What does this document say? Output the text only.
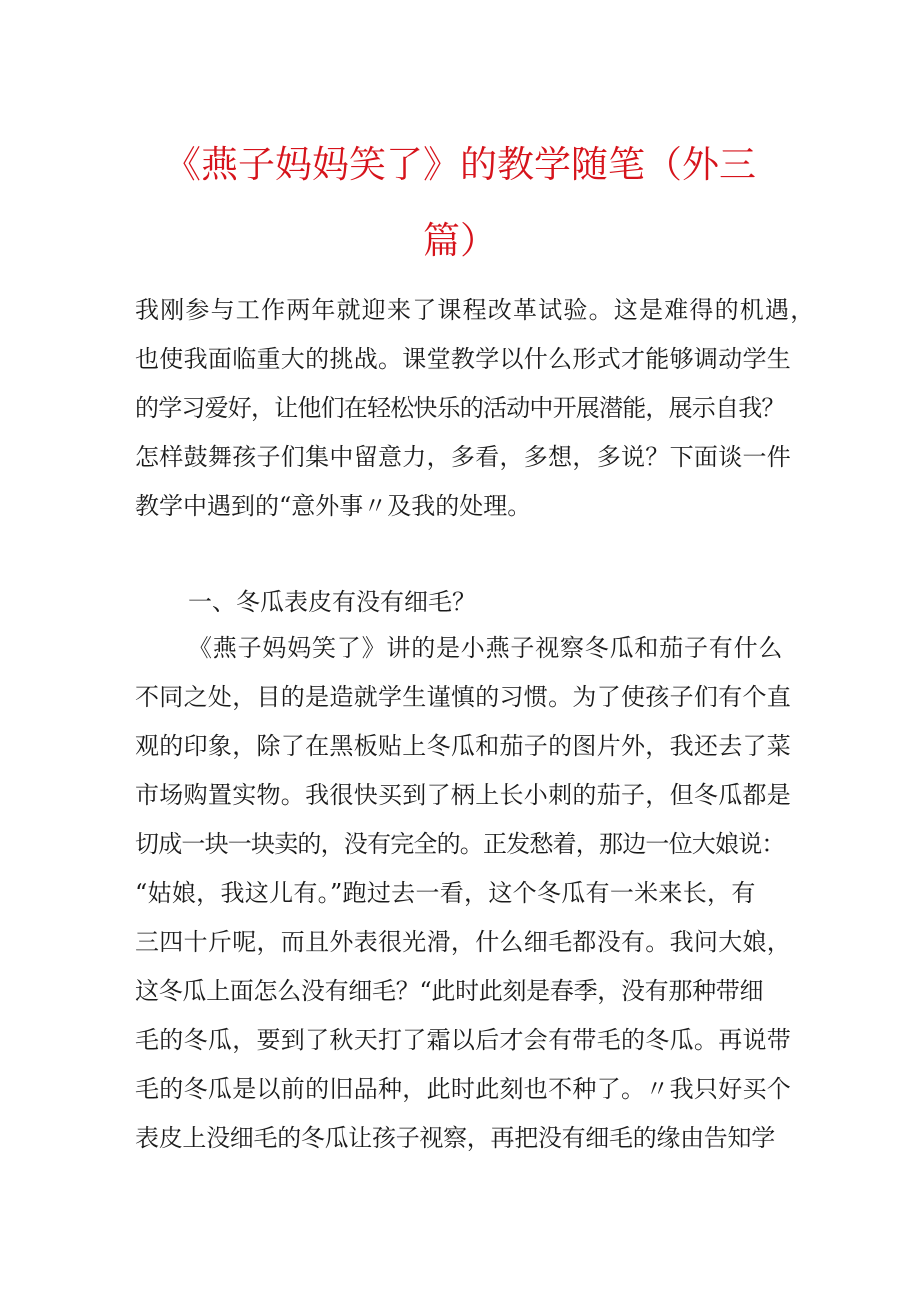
《燕子妈妈笑了》的教学随笔（外三
篇）

我刚参与工作两年就迎来了课程改革试验。这是难得的机遇，

也使我面临重大的挑战。课堂教学以什么形式才能够调动学生

的学习爱好，让他们在轻松快乐的活动中开展潜能，展示自我？

怎样鼓舞孩子们集中留意力，多看，多想，多说？下面谈一件

教学中遇到的“意外事〃及我的处理。

一、冬瓜表皮有没有细毛？

《燕子妈妈笑了》讲的是小燕子视察冬瓜和茄子有什么

不同之处，目的是造就学生谨慎的习惯。为了使孩子们有个直

观的印象，除了在黑板贴上冬瓜和茄子的图片外，我还去了菜

市场购置实物。我很快买到了柄上长小刺的茄子，但冬瓜都是

切成一块一块卖的，没有完全的。正发愁着，那边一位大娘说：

“姑娘，我这儿有。”跑过去一看，这个冬瓜有一米来长，有

三四十斤呢，而且外表很光滑，什么细毛都没有。我问大娘，

这冬瓜上面怎么没有细毛？“此时此刻是春季，没有那种带细

毛的冬瓜，要到了秋天打了霜以后才会有带毛的冬瓜。再说带

毛的冬瓜是以前的旧品种，此时此刻也不种了。〃我只好买个

表皮上没细毛的冬瓜让孩子视察，再把没有细毛的缘由告知学
